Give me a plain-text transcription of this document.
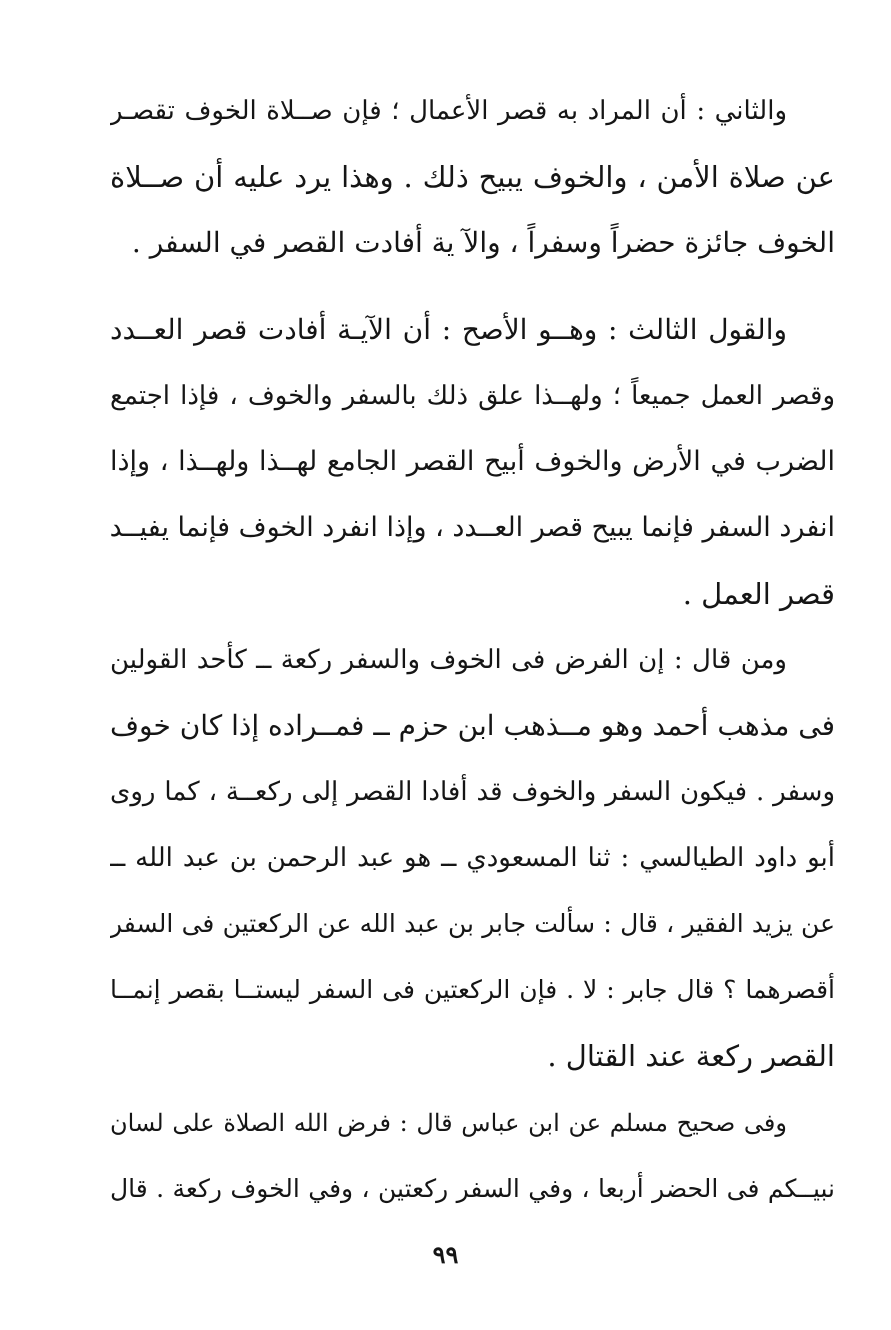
والثاني : أن المراد به قصر الأعمال ؛ فإن صــلاة الخوف تقصـر
عن صلاة الأمن ، والخوف يبيح ذلك . وهذا يرد عليه أن صــلاة
الخوف جائزة حضراً وسفراً ، والآ ية أفادت القصر في السفر .
والقول الثالث : وهــو الأصح : أن الآيـة أفادت قصر العــدد
وقصر العمل جميعاً ؛ ولهــذا علق ذلك بالسفر والخوف ، فإذا اجتمع
الضرب في الأرض والخوف أبيح القصر الجامع لهــذا ولهــذا ، وإذا
انفرد السفر فإنما يبيح قصر العــدد ، وإذا انفرد الخوف فإنما يفيــد
قصر العمل .
ومن قال : إن الفرض فى الخوف والسفر ركعة ــ كأحد القولين
فى مذهب أحمد وهو مــذهب ابن حزم ــ فمــراده إذا كان خوف
وسفر . فيكون السفر والخوف قد أفادا القصر إلى ركعــة ، كما روى
أبو داود الطيالسي : ثنا المسعودي ــ هو عبد الرحمن بن عبد الله ــ
عن يزيد الفقير ، قال : سألت جابر بن عبد الله عن الركعتين فى السفر
أقصرهما ؟ قال جابر : لا . فإن الركعتين فى السفر ليستــا بقصر إنمــا
القصر ركعة عند القتال .
وفى صحيح مسلم عن ابن عباس قال : فرض الله الصلاة على لسان
نبيــكم فى الحضر أربعا ، وفي السفر ركعتين ، وفي الخوف ركعة . قال
٩٩
